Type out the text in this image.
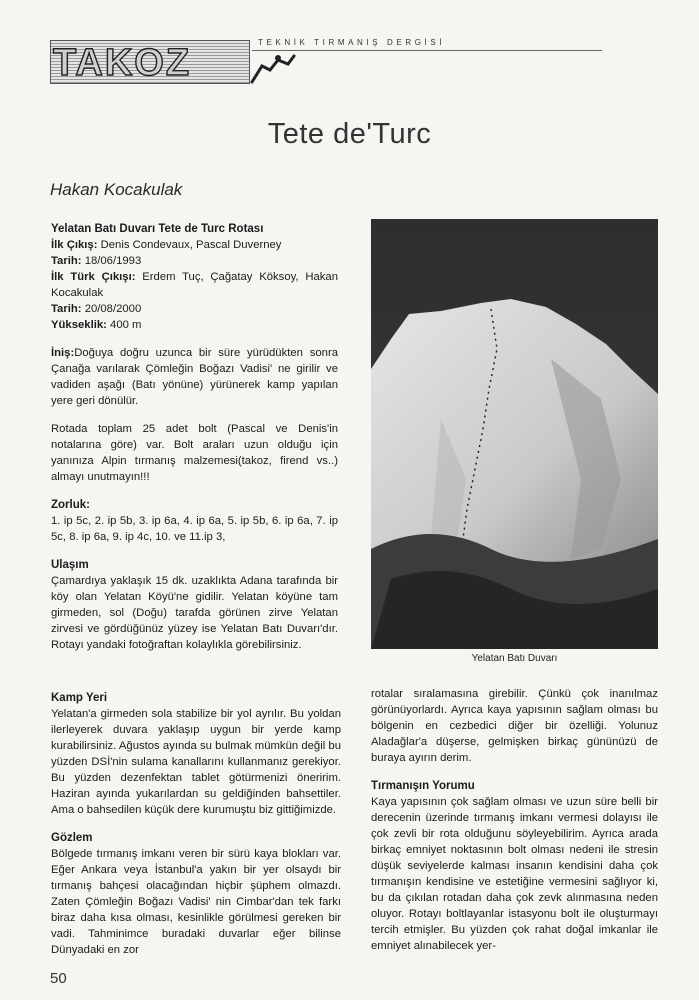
TAKOZ	TEKNİK TIRMANIŞ DERGİSİ
Tete de'Turc
Hakan Kocakulak

Yelatan Batı Duvarı Tete de Turc Rotası

İlk Çıkış: Denis Condevaux, Pascal Duverney

Tarih: 18/06/1993

İlk Türk Çıkışı: Erdem Tuç, Çağatay Köksoy, Hakan Kocakulak

Tarih: 20/08/2000

Yükseklik: 400 m

İniş:Doğuya doğru uzunca bir süre yürüdükten sonra Çanağa varılarak Çömleğin Boğazı Vadisi' ne girilir ve vadiden aşağı (Batı yönüne) yürünerek kamp yapılan yere geri dönülür.

Rotada toplam 25 adet bolt (Pascal ve Denis'in notalarına göre) var. Bolt araları uzun olduğu için yanınıza Alpin tırmanış malzemesi(takoz, firend vs..) almayı unutmayın!!!

Zorluk:

1. ip 5c, 2. ip 5b, 3. ip 6a, 4. ip 6a, 5. ip 5b, 6. ip 6a, 7. ip 5c, 8. ip 6a, 9. ip 4c, 10. ve 11.ip 3,

Ulaşım

Çamardıya yaklaşık 15 dk. uzaklıkta Adana tarafında bir köy olan Yelatan Köyü'ne gidilir. Yelatan köyüne tam girmeden, sol (Doğu) tarafda görünen zirve Yelatan zirvesi ve gördüğünüz yüzey ise Yelatan Batı Duvarı'dır. Rotayı yandaki fotoğraftan kolaylıkla görebilirsiniz.

Kamp Yeri

Yelatan'a girmeden sola stabilize bir yol ayrılır. Bu yoldan ilerleyerek duvara yaklaşıp uygun bir yerde kamp kurabilirsiniz. Ağustos ayında su bulmak mümkün değil bu yüzden DSİ'nin sulama kanallarını kullanmanız gerekiyor. Bu yüzden dezenfektan tablet götürmenizi öneririm. Haziran ayında yukarılardan su geldiğinden bahsettiler. Ama o bahsedilen küçük dere kurumuştu biz gittiğimizde.

Gözlem

Bölgede tırmanış imkanı veren bir sürü kaya blokları var. Eğer Ankara veya İstanbul'a yakın bir yer olsaydı bir tırmanış bahçesi olacağından hiçbir şüphem olmazdı. Zaten Çömleğin Boğazı Vadisi' nin Cimbar'dan tek farkı biraz daha kısa olması, kesinlikle görülmesi gereken bir vadi. Tahminimce buradaki duvarlar eğer bilinse Dünyadaki en zor

Yelatan Batı Duvarı

rotalar sıralamasına girebilir. Çünkü çok inanılmaz görünüyorlardı. Ayrıca kaya yapısının sağlam olması bu bölgenin en cezbedici diğer bir özelliği. Yolunuz Aladağlar'a düşerse, gelmişken birkaç gününüzü de buraya ayırın derim.

Tırmanışın Yorumu

Kaya yapısının çok sağlam olması ve uzun süre belli bir derecenin üzerinde tırmanış imkanı vermesi dolayısı ile çok zevli bir rota olduğunu söyleyebilirim. Ayrıca arada birkaç emniyet noktasının bolt olması nedeni ile stresin düşük seviyelerde kalması insanın kendisini daha çok tırmanışın kendisine ve estetiğine vermesini sağlıyor ki, bu da çıkılan rotadan daha çok zevk alınmasına neden oluyor. Rotayı boltlayanlar istasyonu bolt ile oluşturmayı tercih etmişler. Bu yüzden çok rahat doğal imkanlar ile emniyet alınabilecek yer-

50
